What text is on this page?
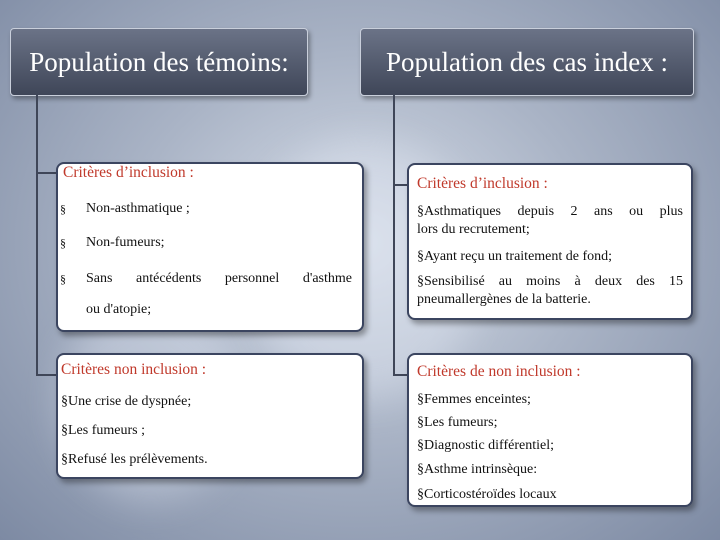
Population des témoins:	Population des cas index :
Critères d’inclusion :
§ Non-asthmatique ;
§ Non-fumeurs;
§ Sans antécédents personnel d'asthme
ou d'atopie;
Critères d’inclusion :
§Asthmatiques depuis 2 ans ou plus
lors du recrutement;
§Ayant reçu un traitement de fond;
§Sensibilisé au moins à deux des 15
pneumallergènes de la batterie.
Critères non inclusion :
§Une crise de dyspnée;
§Les fumeurs ;
§Refusé les prélèvements.
Critères de non inclusion :
§Femmes enceintes;
§Les fumeurs;
§Diagnostic différentiel;
§Asthme intrinsèque:
§Corticostéroïdes locaux
